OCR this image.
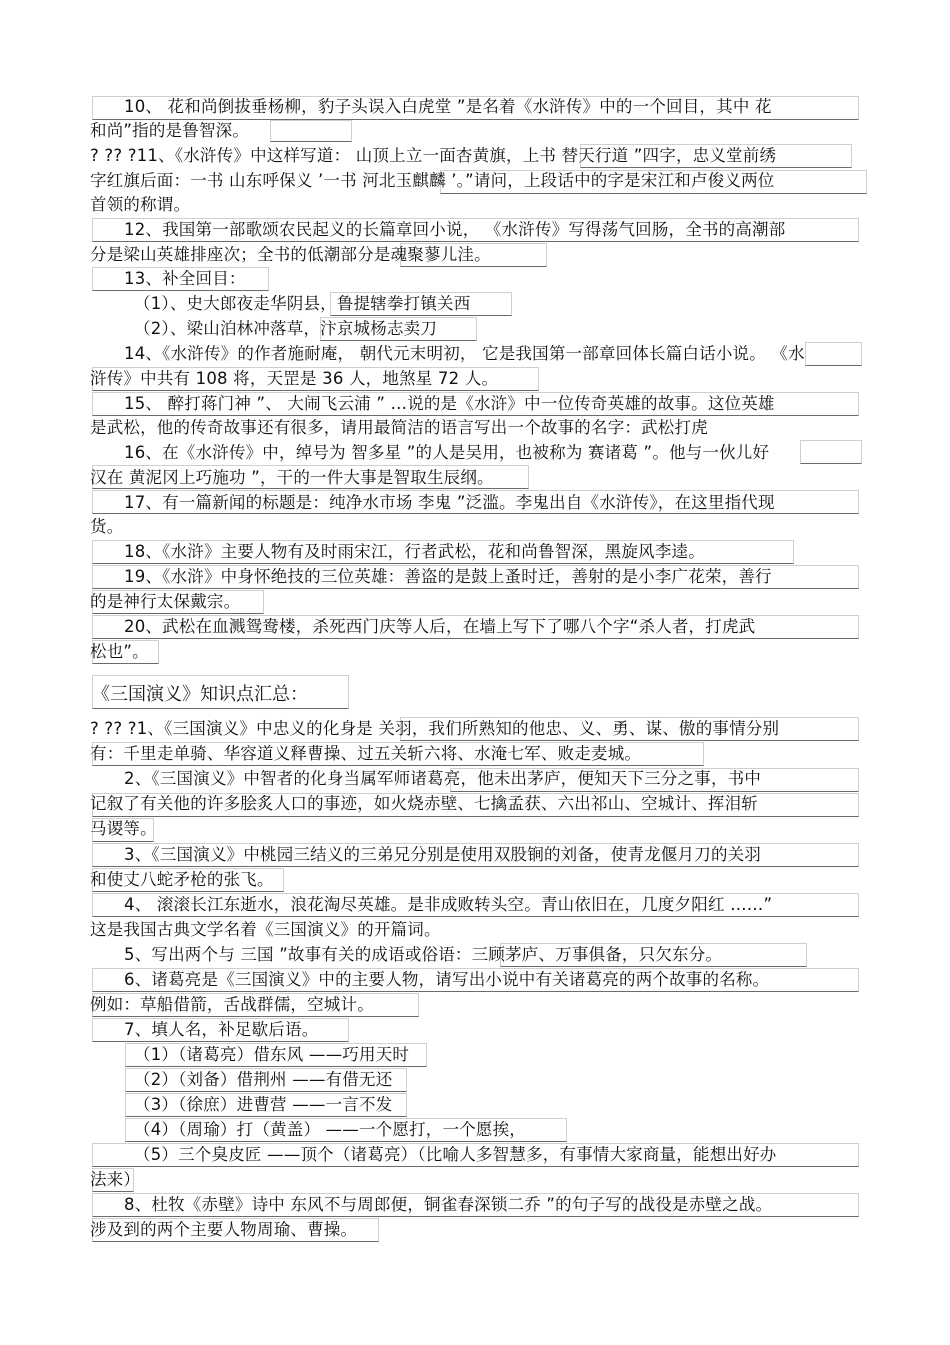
10、 花和尚倒拔垂杨柳，豹子头误入白虎堂 ”是名着《水浒传》中的一个回目，其中 花
和尚”指的是鲁智深。
? ?? ?11、《水浒传》中这样写道： 山顶上立一面杏黄旗，上书 替天行道 ”四字，忠义堂前绣
字红旗后面：一书 山东呼保义 ’一书 河北玉麒麟 ’。”请问，上段话中的字是宋江和卢俊义两位
首领的称谓。
12、我国第一部歌颂农民起义的长篇章回小说， 《水浒传》写得荡气回肠，全书的高潮部
分是梁山英雄排座次；全书的低潮部分是魂聚蓼儿洼。
13、补全回目：
（1）、史大郎夜走华阴县，鲁提辖拳打镇关西
（2）、梁山泊林冲落草，汴京城杨志卖刀
14、《水浒传》的作者施耐庵， 朝代元末明初， 它是我国第一部章回体长篇白话小说。 《水
浒传》中共有 108 将，天罡是 36 人，地煞星 72 人。
15、 醉打蒋门神 ”、 大闹飞云浦 ” …说的是《水浒》中一位传奇英雄的故事。这位英雄
是武松，他的传奇故事还有很多，请用最简洁的语言写出一个故事的名字：武松打虎
16、在《水浒传》中，绰号为 智多星 ”的人是吴用，也被称为 赛诸葛 ”。他与一伙儿好
汉在 黄泥冈上巧施功 ”，干的一件大事是智取生辰纲。
17、有一篇新闻的标题是：纯净水市场 李鬼 ”泛滥。李鬼出自《水浒传》，在这里指代现
货。
18、《水浒》主要人物有及时雨宋江，行者武松，花和尚鲁智深，黑旋风李逵。
19、《水浒》中身怀绝技的三位英雄：善盗的是鼓上蚤时迁，善射的是小李广花荣，善行
的是神行太保戴宗。
20、武松在血溅鸳鸯楼，杀死西门庆等人后，在墙上写下了哪八个字“杀人者，打虎武
松也”。
《三国演义》知识点汇总：
? ?? ?1、《三国演义》中忠义的化身是 关羽，我们所熟知的他忠、义、勇、谋、傲的事情分别
有：千里走单骑、华容道义释曹操、过五关斩六将、水淹七军、败走麦城。
2、《三国演义》中智者的化身当属军师诸葛亮，他未出茅庐，便知天下三分之事，书中
记叙了有关他的许多脍炙人口的事迹，如火烧赤壁、七擒孟获、六出祁山、空城计、挥泪斩
马谡等。
3、《三国演义》中桃园三结义的三弟兄分别是使用双股锏的刘备，使青龙偃月刀的关羽
和使丈八蛇矛枪的张飞。
4、 滚滚长江东逝水，浪花淘尽英雄。是非成败转头空。青山依旧在，几度夕阳红 ……”
这是我国古典文学名着《三国演义》的开篇词。
5、写出两个与 三国 ”故事有关的成语或俗语：三顾茅庐、万事俱备，只欠东分。
6、诸葛亮是《三国演义》中的主要人物，请写出小说中有关诸葛亮的两个故事的名称。
例如：草船借箭，舌战群儒，空城计。
7、填人名，补足歇后语。
（1）（诸葛亮）借东风 ——巧用天时
（2）（刘备）借荆州 ——有借无还
（3）（徐庶）进曹营 ——一言不发
（4）（周瑜）打（黄盖） ——一个愿打，一个愿挨，
（5）三个臭皮匠 ——顶个（诸葛亮）（比喻人多智慧多，有事情大家商量，能想出好办
法来）
8、杜牧《赤壁》诗中 东风不与周郎便，铜雀春深锁二乔 ”的句子写的战役是赤壁之战。
涉及到的两个主要人物周瑜、曹操。
